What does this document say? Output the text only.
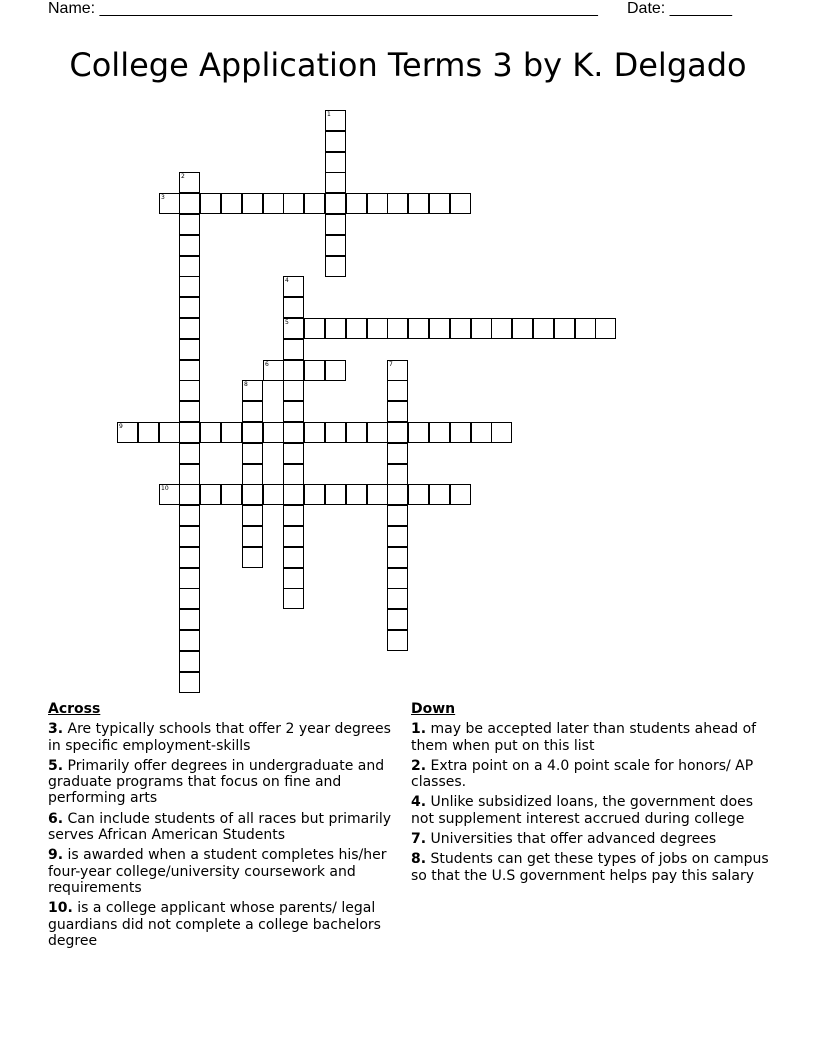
Name: ________________________________________________________ Date: _______
College Application Terms 3 by K. Delgado
1
2
3
4
5
6	7
8
9
10
Across
3. Are typically schools that offer 2 year degrees in specific employment-skills
5. Primarily offer degrees in undergraduate and graduate programs that focus on fine and performing arts
6. Can include students of all races but primarily serves African American Students
9. is awarded when a student completes his/her four-year college/university coursework and requirements
10. is a college applicant whose parents/ legal guardians did not complete a college bachelors degree
Down
1. may be accepted later than students ahead of them when put on this list
2. Extra point on a 4.0 point scale for honors/ AP classes.
4. Unlike subsidized loans, the government does not supplement interest accrued during college
7. Universities that offer advanced degrees
8. Students can get these types of jobs on campus so that the U.S government helps pay this salary
